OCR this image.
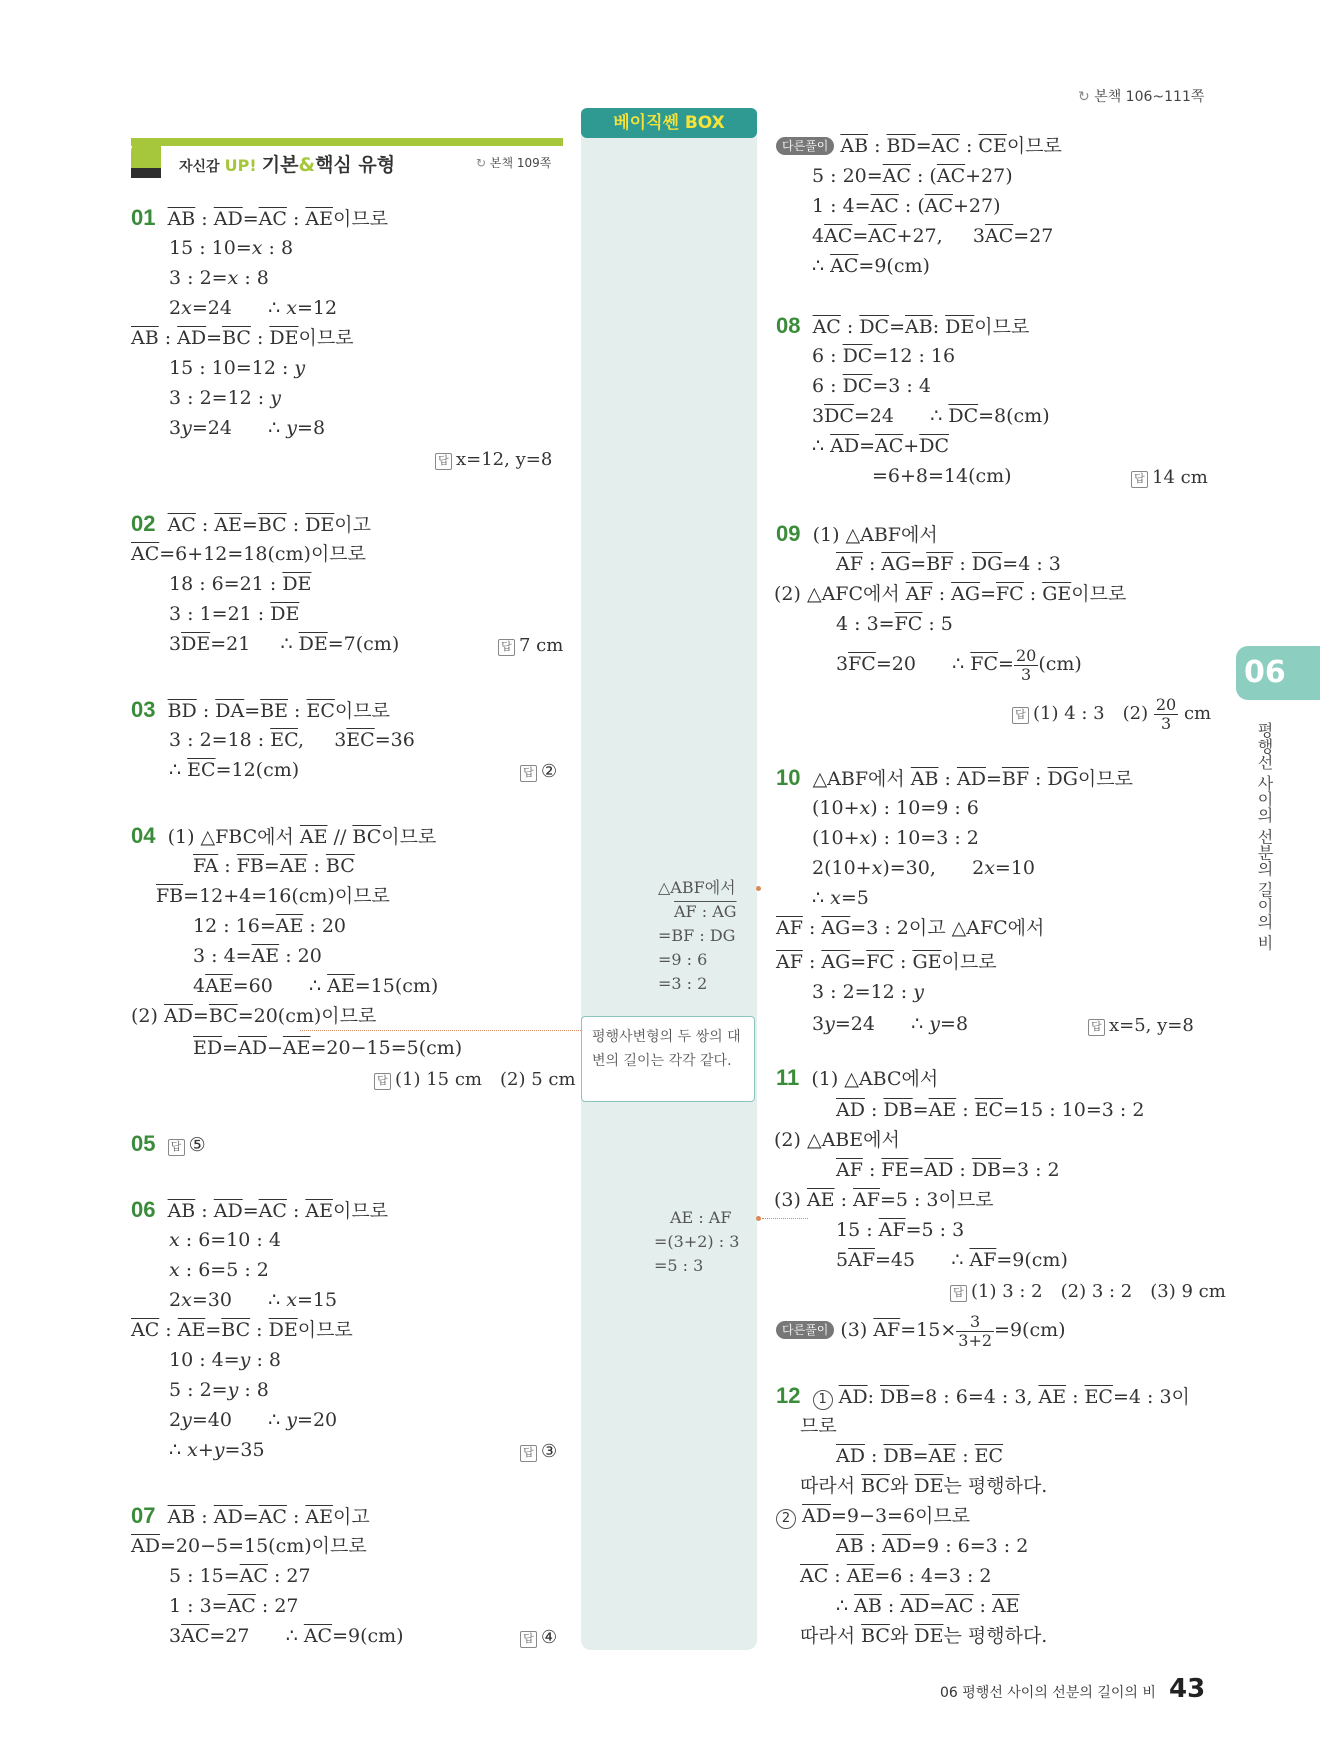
↻ 본책 106~111쪽
자신감 UP! 기본&핵심 유형	↻ 본책 109쪽
베이직쎈 BOX
△ABF에서
AF : AG
=BF : DG
=9 : 6
=3 : 2
평행사변형의 두 쌍의 대변의 길이는 각각 같다.
AE : AF
=(3+2) : 3
=5 : 3
06
평행선 사이의 선분의 길이의 비
01 $\overline{AB}$ : $\overline{AD}=\overline{AC}$ : $\overline{AE}$이므로
15 : 10=x : 8
3 : 2=x : 8
2x=24      ∴ x=12
$\overline{AB}$ : $\overline{AD}=\overline{BC}$ : $\overline{DE}$이므로
15 : 10=12 : y
3 : 2=12 : y
3y=24      ∴ y=8
답 x=12, y=8
02 $\overline{AC}$ : $\overline{AE}=\overline{BC}$ : $\overline{DE}$이고
$\overline{AC}=6+12=18(cm)$이므로
18 : 6=21 : $\overline{DE}$
3 : 1=21 : $\overline{DE}$
$3\overline{DE}=21$     ∴ $\overline{DE}=7(cm)$	답 7 cm
03 $\overline{BD}$ : $\overline{DA}=\overline{BE}$ : $\overline{EC}$이므로
3 : 2=18 : $\overline{EC}$,     $3\overline{EC}=36$
∴ $\overline{EC}=12(cm)$	답 ②
04  (1) △FBC에서 $\overline{AE} // \overline{BC}$이므로
$\overline{FA}$ : $\overline{FB}=\overline{AE}$ : $\overline{BC}$
$\overline{FB}=12+4=16(cm)$이므로
12 : $16=\overline{AE}$ : 20
3 : $4=\overline{AE}$ : 20
$4\overline{AE}=60$      ∴ $\overline{AE}=15(cm)$
(2) $\overline{AD}=\overline{BC}=20(cm)$이므로
$\overline{ED}=\overline{AD}-\overline{AE}=20-15=5(cm)$
답 (1) 15 cm　(2) 5 cm
05 답 ⑤
06 $\overline{AB}$ : $\overline{AD}=\overline{AC}$ : $\overline{AE}$이므로
x : 6=10 : 4
x : 6=5 : 2
2x=30      ∴ x=15
$\overline{AC}$ : $\overline{AE}=\overline{BC}$ : $\overline{DE}$이므로
10 : 4=y : 8
5 : 2=y : 8
2y=40      ∴ y=20
∴ x+y=35	답 ③
07 $\overline{AB}$ : $\overline{AD}=\overline{AC}$ : $\overline{AE}$이고
$\overline{AD}=20-5=15(cm)$이므로
5 : $15=\overline{AC}$ : 27
1 : $3=\overline{AC}$ : 27
$3\overline{AC}=27$      ∴ $\overline{AC}=9(cm)$	답 ④
다른풀이 $\overline{AB}$ : $\overline{BD}=\overline{AC}$ : $\overline{CE}$이므로
5 : $20=\overline{AC}$ : $(\overline{AC}+27)$
1 : $4=\overline{AC}$ : $(\overline{AC}+27)$
$4\overline{AC}=\overline{AC}+27$,     $3\overline{AC}=27$
∴ $\overline{AC}=9(cm)$
08 $\overline{AC}$ : $\overline{DC}=\overline{AB}$: $\overline{DE}$이므로
6 : $\overline{DC}=12$ : 16
6 : $\overline{DC}=3$ : 4
$3\overline{DC}=24$      ∴ $\overline{DC}=8(cm)$
∴ $\overline{AD}=\overline{AC}+\overline{DC}$
=6+8=14(cm)	답 14 cm
09  (1) △ABF에서
$\overline{AF}$ : $\overline{AG}=\overline{BF}$ : $\overline{DG}=4$ : 3
(2) △AFC에서 $\overline{AF}$ : $\overline{AG}=\overline{FC}$ : $\overline{GE}$이므로
4 : $3=\overline{FC}$ : 5
$3\overline{FC}=20$      ∴ $\overline{FC}= \frac{20}{3} (cm)$
답 (1) 4 : 3　$(2) \frac{20}{3}$ cm
10  △ABF에서 $\overline{AB}$ : $\overline{AD}=\overline{BF}$ : $\overline{DG}$이므로
(10+x) : 10=9 : 6
(10+x) : 10=3 : 2
2(10+x)=30,      2x=10
∴ x=5
$\overline{AF}$ : $\overline{AG}=3$ : 2이고 △AFC에서
$\overline{AF}$ : $\overline{AG}=\overline{FC}$ : $\overline{GE}$이므로
3 : 2=12 : y
3y=24      ∴ y=8	답 x=5, y=8
11  (1) △ABC에서
$\overline{AD}$ : $\overline{DB}=\overline{AE}$ : $\overline{EC}=15$ : 10=3 : 2
(2) △ABE에서
$\overline{AF}$ : $\overline{FE}=\overline{AD}$ : $\overline{DB}=3$ : 2
(3) $\overline{AE}$ : $\overline{AF}=5$ : 3이므로
15 : $\overline{AF}=5$ : 3
$5\overline{AF}=45$      ∴ $\overline{AF}=9(cm)$
답 (1) 3 : 2　(2) 3 : 2　(3) 9 cm
다른풀이 (3) $\overline{AF}=15\times \frac{3}{3+2} =9(cm)$
12 1 $\overline{AD}$: $\overline{DB}=8$ : 6=4 : 3, $\overline{AE}$ : $\overline{EC}=4$ : 3이
므로
$\overline{AD}$ : $\overline{DB}=\overline{AE}$ : $\overline{EC}$
따라서 $\overline{BC}$와 $\overline{DE}$는 평행하다.
2 $\overline{AD}=9-3=6$이므로
$\overline{AB}$ : $\overline{AD}=9$ : 6=3 : 2
$\overline{AC}$ : $\overline{AE}=6$ : 4=3 : 2
∴ $\overline{AB}$ : $\overline{AD}=\overline{AC}$ : $\overline{AE}$
따라서 $\overline{BC}$와 $\overline{DE}$는 평행하다.
06 평행선 사이의 선분의 길이의 비 43
